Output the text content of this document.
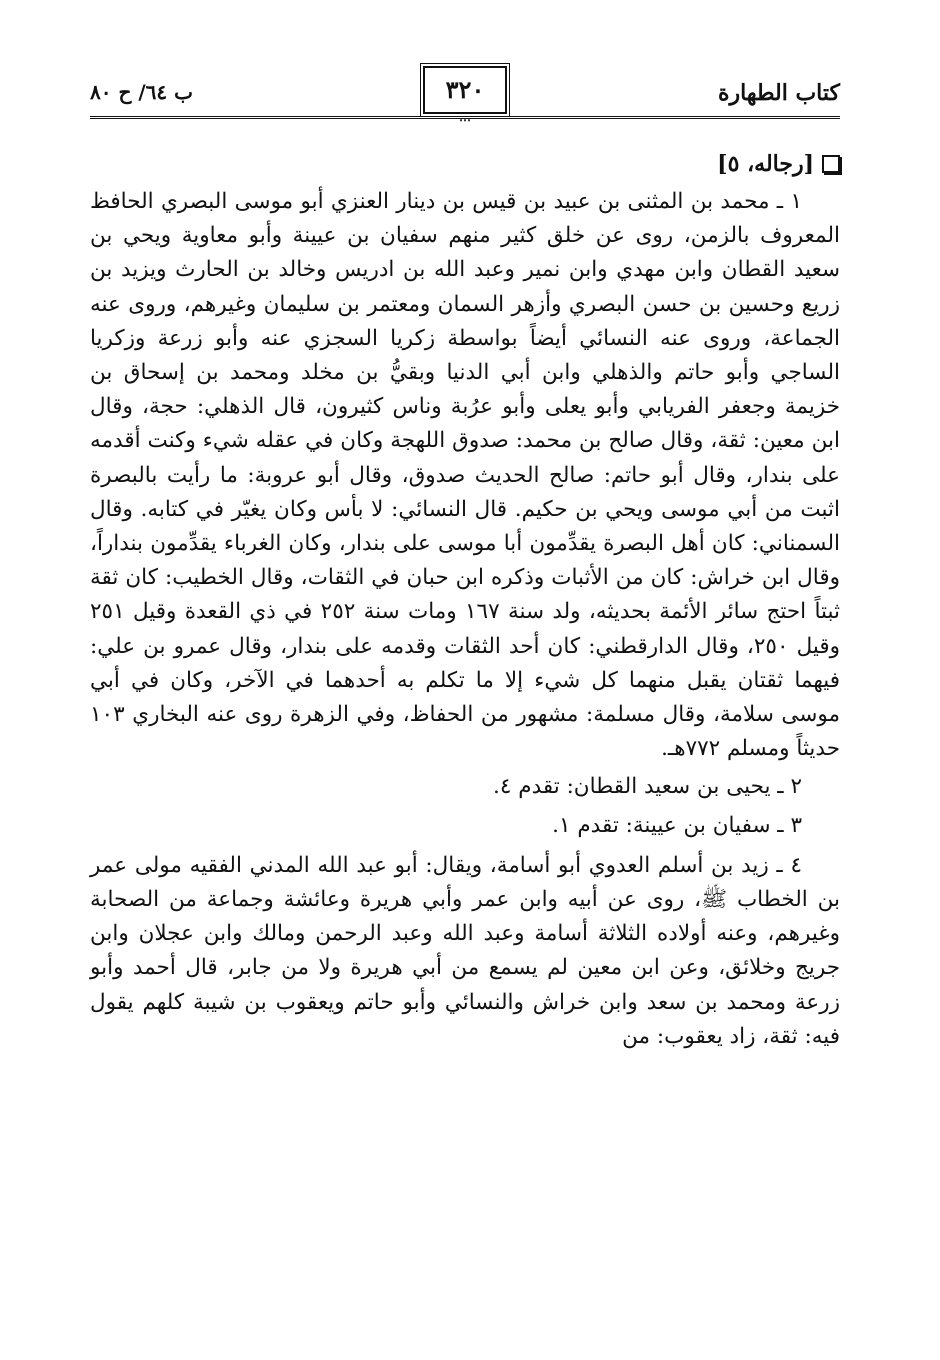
كتاب الطهارة
٣٢٠
⋯
ب ٦٤/ ح ٨٠
[رجاله، ٥]

١ ـ محمد بن المثنى بن عبيد بن قيس بن دينار العنزي أبو موسى البصري الحافظ المعروف بالزمن، روى عن خلق كثير منهم سفيان بن عيينة وأبو معاوية ويحي بن سعيد القطان وابن مهدي وابن نمير وعبد الله بن ادريس وخالد بن الحارث ويزيد بن زريع وحسين بن حسن البصري وأزهر السمان ومعتمر بن سليمان وغيرهم، وروى عنه الجماعة، وروى عنه النسائي أيضاً بواسطة زكريا السجزي عنه وأبو زرعة وزكريا الساجي وأبو حاتم والذهلي وابن أبي الدنيا وبقيُّ بن مخلد ومحمد بن إسحاق بن خزيمة وجعفر الفريابي وأبو يعلى وأبو عرُبة وناس كثيرون، قال الذهلي: حجة، وقال ابن معين: ثقة، وقال صالح بن محمد: صدوق اللهجة وكان في عقله شيء وكنت أقدمه على بندار، وقال أبو حاتم: صالح الحديث صدوق، وقال أبو عروبة: ما رأيت بالبصرة اثبت من أبي موسى ويحي بن حكيم. قال النسائي: لا بأس وكان يغيّر في كتابه. وقال السمناني: كان أهل البصرة يقدِّمون أبا موسى على بندار، وكان الغرباء يقدِّمون بنداراً، وقال ابن خراش: كان من الأثبات وذكره ابن حبان في الثقات، وقال الخطيب: كان ثقة ثبتاً احتج سائر الأئمة بحديثه، ولد سنة ١٦٧ ومات سنة ٢٥٢ في ذي القعدة وقيل ٢٥١ وقيل ٢٥٠، وقال الدارقطني: كان أحد الثقات وقدمه على بندار، وقال عمرو بن علي: فيهما ثقتان يقبل منهما كل شيء إلا ما تكلم به أحدهما في الآخر، وكان في أبي موسى سلامة، وقال مسلمة: مشهور من الحفاظ، وفي الزهرة روى عنه البخاري ١٠٣ حديثاً ومسلم ٧٧٢هـ.

٢ ـ يحيى بن سعيد القطان: تقدم ٤.

٣ ـ سفيان بن عيينة: تقدم ١.

٤ ـ زيد بن أسلم العدوي أبو أسامة، ويقال: أبو عبد الله المدني الفقيه مولى عمر بن الخطاب ﷺ، روى عن أبيه وابن عمر وأبي هريرة وعائشة وجماعة من الصحابة وغيرهم، وعنه أولاده الثلاثة أسامة وعبد الله وعبد الرحمن ومالك وابن عجلان وابن جريج وخلائق، وعن ابن معين لم يسمع من أبي هريرة ولا من جابر، قال أحمد وأبو زرعة ومحمد بن سعد وابن خراش والنسائي وأبو حاتم ويعقوب بن شيبة كلهم يقول فيه: ثقة، زاد يعقوب: من
